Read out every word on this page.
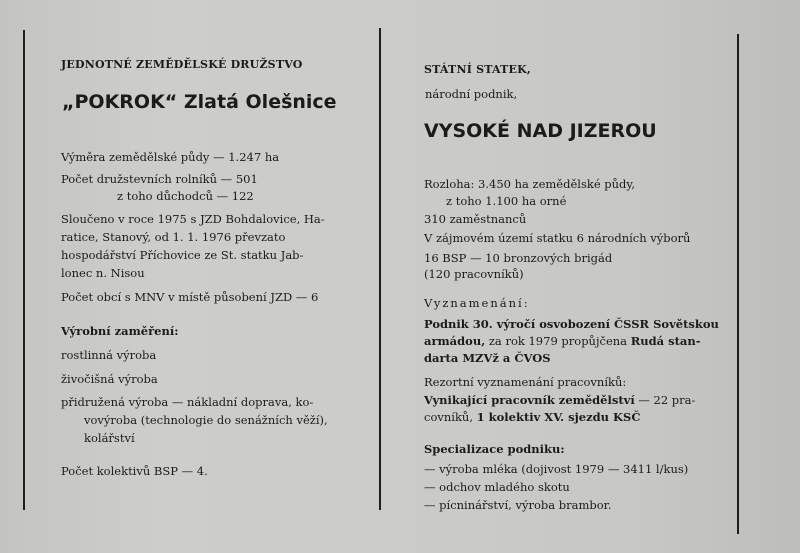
JEDNOTNÉ ZEMĚDĚLSKÉ DRUŽSTVO
„POKROK“ Zlatá Olešnice
Výměra zemědělské půdy — 1.247 ha
Počet družstevních rolníků — 501
z toho důchodců — 122
Sloučeno v roce 1975 s JZD Bohdalovice, Ha-
ratice, Stanový, od 1. 1. 1976 převzato
hospodářství Příchovice ze St. statku Jab-
lonec n. Nisou
Počet obcí s MNV v místě působení JZD — 6
Výrobní zaměření:
rostlinná výroba
živočišná výroba
přidružená výroba — nákladní doprava, ko-
vovýroba (technologie do senážních věží),
kolářství
Počet kolektivů BSP — 4.
STÁTNÍ STATEK,
národní podnik,
VYSOKÉ NAD JIZEROU
Rozloha: 3.450 ha zemědělské půdy,
z toho 1.100 ha orné
310 zaměstnanců
V zájmovém území statku 6 národních výborů
16 BSP — 10 bronzových brigád
(120 pracovníků)
Vyznamenání:
Podnik 30. výročí osvobození ČSSR Sovětskou
armádou, za rok 1979 propůjčena Rudá stan-
darta MZVž a ČVOS
Rezortní vyznamenání pracovníků:
Vynikající pracovník zemědělství — 22 pra-
covníků, 1 kolektiv XV. sjezdu KSČ
Specializace podniku:
— výroba mléka (dojivost 1979 — 3411 l/kus)
— odchov mladého skotu
— pícninářství, výroba brambor.
